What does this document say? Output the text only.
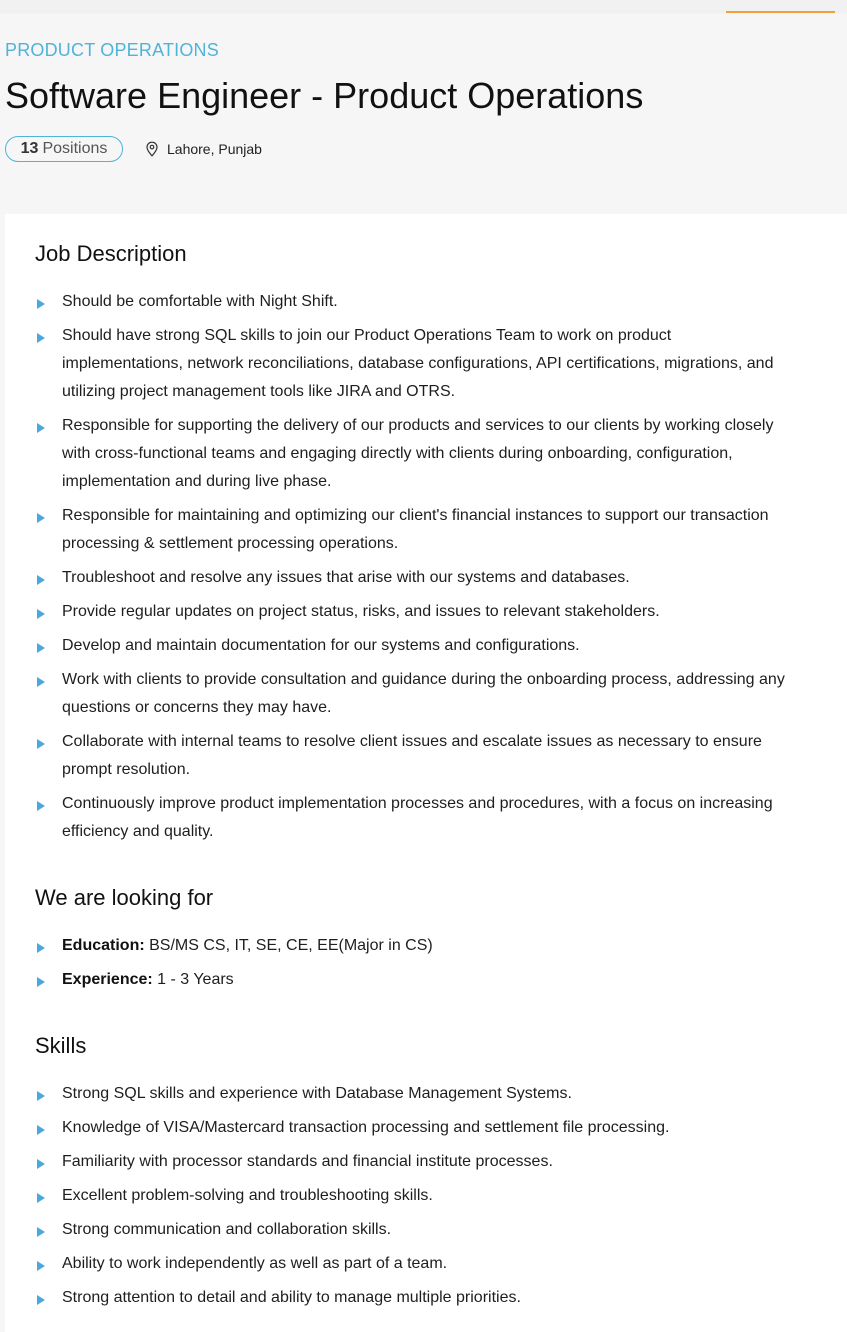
PRODUCT OPERATIONS

Software Engineer - Product Operations
13 Positions	Lahore, Punjab
Job Description
Should be comfortable with Night Shift.
Should have strong SQL skills to join our Product Operations Team to work on product implementations, network reconciliations, database configurations, API certifications, migrations, and utilizing project management tools like JIRA and OTRS.
Responsible for supporting the delivery of our products and services to our clients by working closely with cross-functional teams and engaging directly with clients during onboarding, configuration, implementation and during live phase.
Responsible for maintaining and optimizing our client's financial instances to support our transaction processing & settlement processing operations.
Troubleshoot and resolve any issues that arise with our systems and databases.
Provide regular updates on project status, risks, and issues to relevant stakeholders.
Develop and maintain documentation for our systems and configurations.
Work with clients to provide consultation and guidance during the onboarding process, addressing any questions or concerns they may have.
Collaborate with internal teams to resolve client issues and escalate issues as necessary to ensure prompt resolution.
Continuously improve product implementation processes and procedures, with a focus on increasing efficiency and quality.
We are looking for
Education: BS/MS CS, IT, SE, CE, EE(Major in CS)
Experience: 1 - 3 Years
Skills
Strong SQL skills and experience with Database Management Systems.
Knowledge of VISA/Mastercard transaction processing and settlement file processing.
Familiarity with processor standards and financial institute processes.
Excellent problem-solving and troubleshooting skills.
Strong communication and collaboration skills.
Ability to work independently as well as part of a team.
Strong attention to detail and ability to manage multiple priorities.
